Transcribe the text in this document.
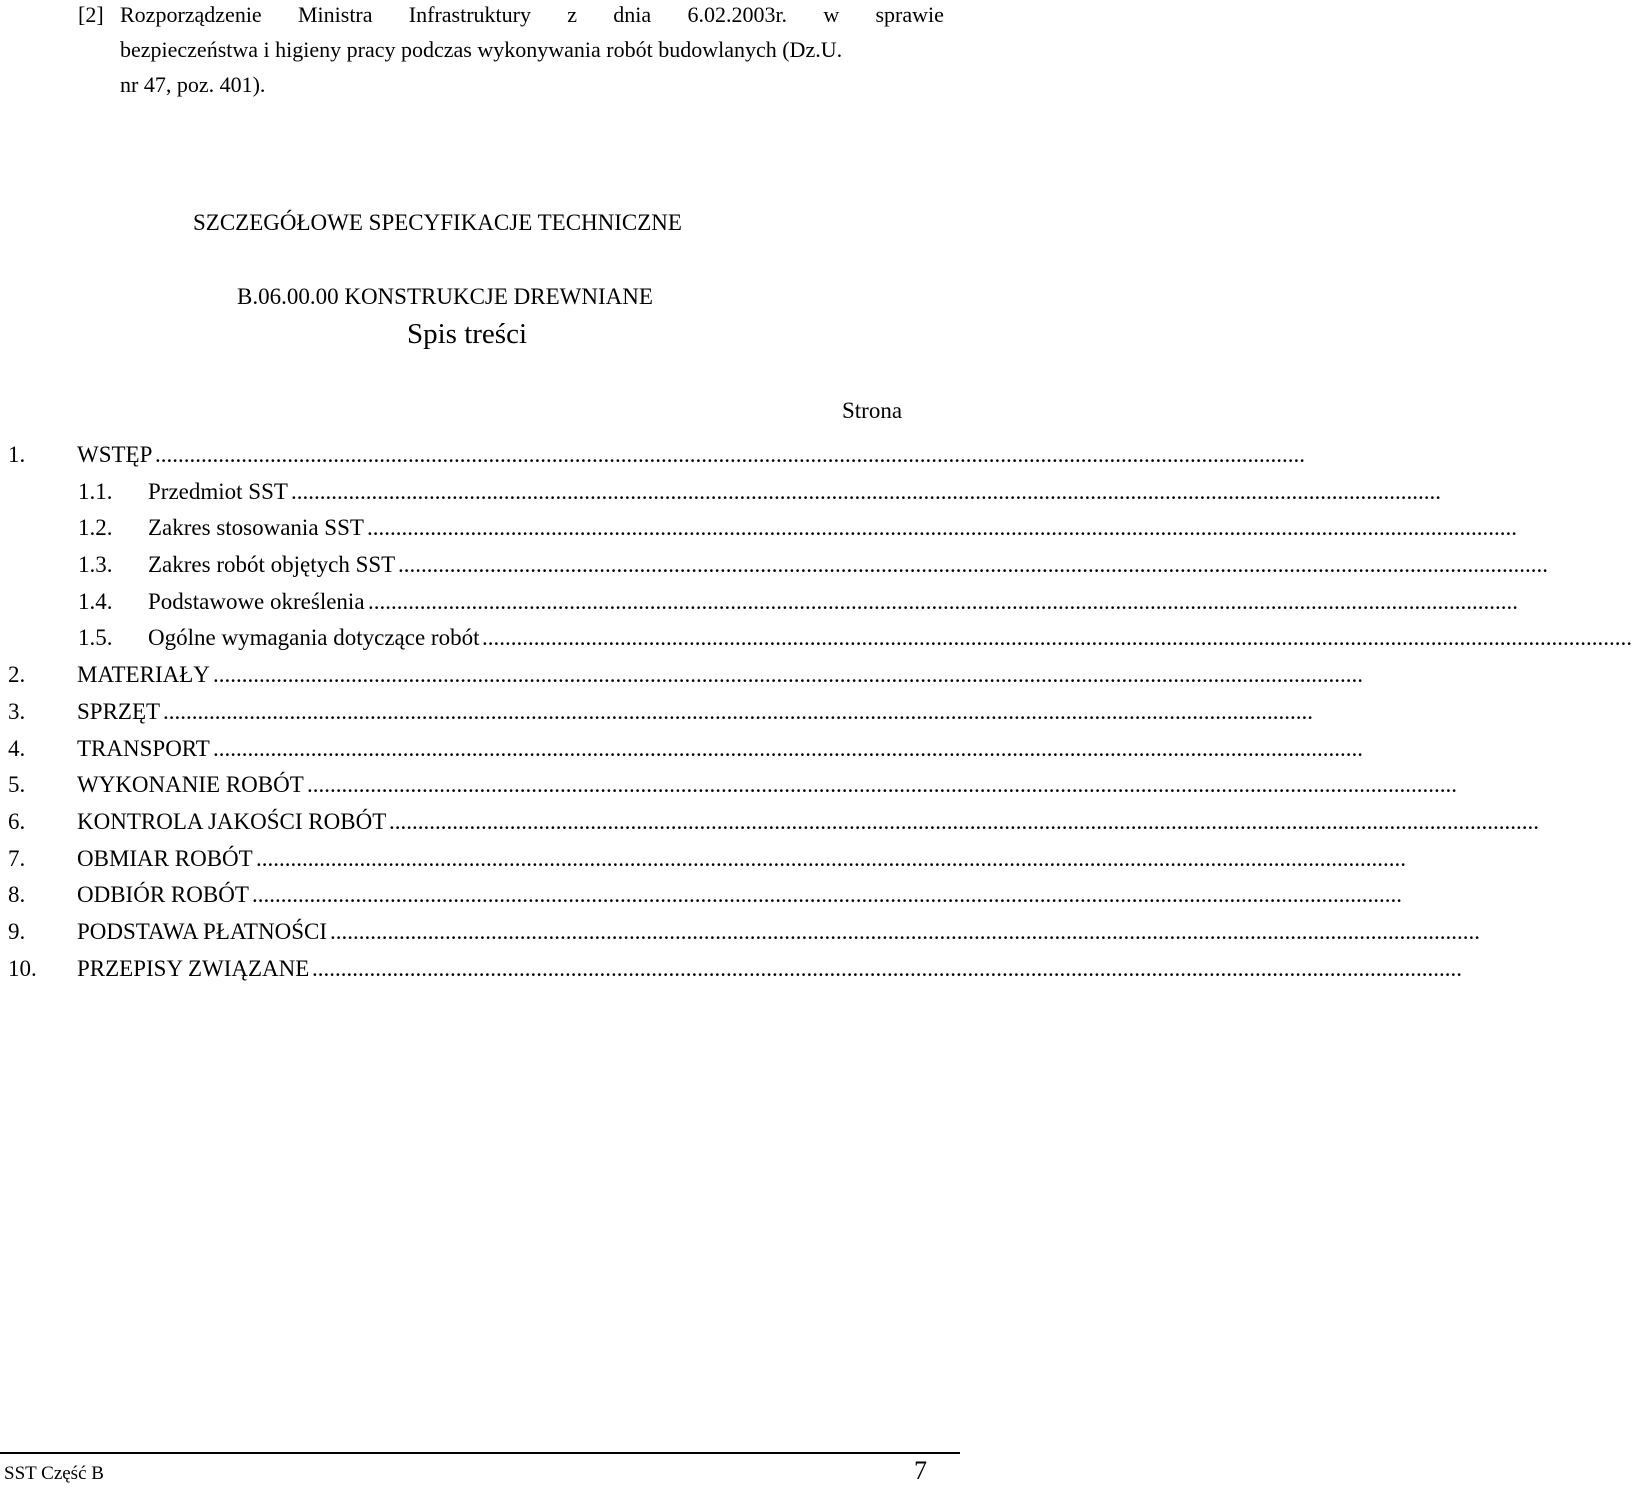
[2] Rozporządzenie Ministra Infrastruktury z dnia 6.02.2003r. w sprawie
bezpieczeństwa i higieny pracy podczas wykonywania robót budowlanych (Dz.U.
nr 47, poz. 401).
SZCZEGÓŁOWE SPECYFIKACJE TECHNICZNE
B.06.00.00 KONSTRUKCJE DREWNIANE
Spis treści
Strona
1. WSTĘP ........................................................................................................................................................................................................
1.1. Przedmiot SST ........................................................................................................................................................................................................
1.2. Zakres stosowania SST ........................................................................................................................................................................................................
1.3. Zakres robót objętych SST ........................................................................................................................................................................................................
1.4. Podstawowe określenia ........................................................................................................................................................................................................
1.5. Ogólne wymagania dotyczące robót ........................................................................................................................................................................................................
2. MATERIAŁY ........................................................................................................................................................................................................
3. SPRZĘT ........................................................................................................................................................................................................
4. TRANSPORT ........................................................................................................................................................................................................
5. WYKONANIE ROBÓT ........................................................................................................................................................................................................
6. KONTROLA JAKOŚCI ROBÓT ........................................................................................................................................................................................................
7. OBMIAR ROBÓT ........................................................................................................................................................................................................
8. ODBIÓR ROBÓT ........................................................................................................................................................................................................
9. PODSTAWA PŁATNOŚCI ........................................................................................................................................................................................................
10. PRZEPISY ZWIĄZANE ........................................................................................................................................................................................................
SST Część B	7
